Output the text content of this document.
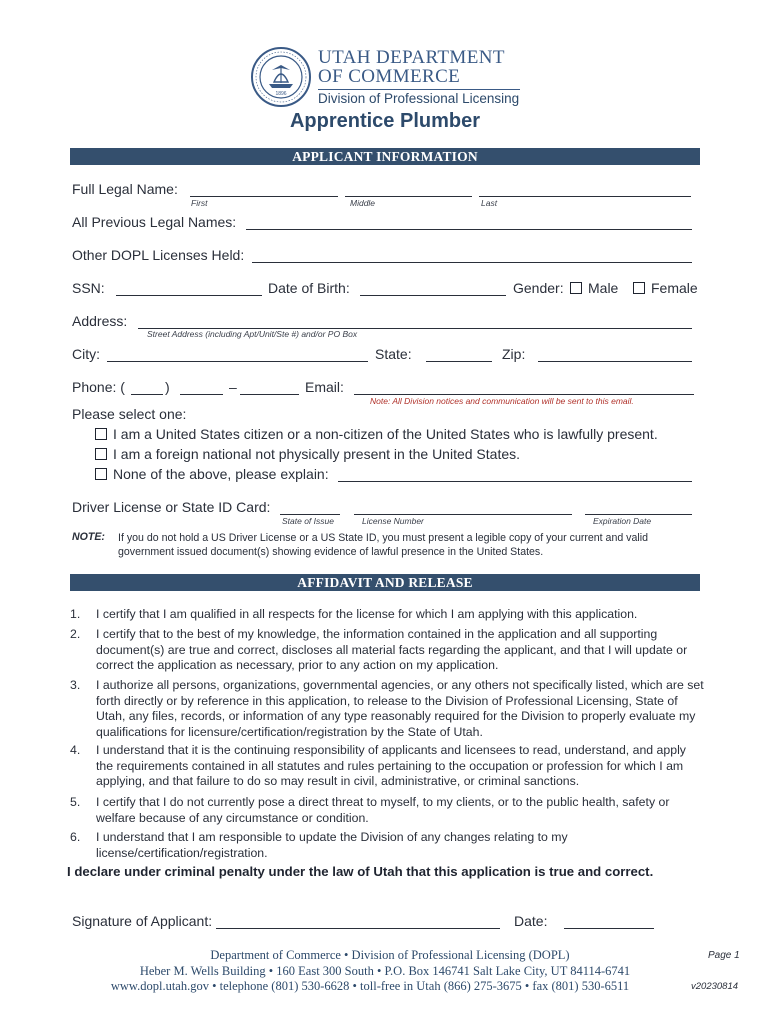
1896
UTAH DEPARTMENT
OF COMMERCE
Division of Professional Licensing
Apprentice Plumber
APPLICANT INFORMATION
Full Legal Name:
First	Middle	Last
All Previous Legal Names:
Other DOPL Licenses Held:
SSN:	Date of Birth:	Gender:	Male	Female
Address:
Street Address (including Apt/Unit/Ste #) and/or PO Box
City:	State:	Zip:
Phone: (	)	–	Email:
Note: All Division notices and communication will be sent to this email.
Please select one:
I am a United States citizen or a non-citizen of the United States who is lawfully present.
I am a foreign national not physically present in the United States.
None of the above, please explain:
Driver License or State ID Card:
State of Issue	License Number	Expiration Date
NOTE: If you do not hold a US Driver License or a US State ID, you must present a legible copy of your current and valid government issued document(s) showing evidence of lawful presence in the United States.
AFFIDAVIT AND RELEASE
1. I certify that I am qualified in all respects for the license for which I am applying with this application.
2. I certify that to the best of my knowledge, the information contained in the application and all supporting document(s) are true and correct, discloses all material facts regarding the applicant, and that I will update or correct the application as necessary, prior to any action on my application.
3. I authorize all persons, organizations, governmental agencies, or any others not specifically listed, which are set forth directly or by reference in this application, to release to the Division of Professional Licensing, State of Utah, any files, records, or information of any type reasonably required for the Division to properly evaluate my qualifications for licensure/certification/registration by the State of Utah.
4. I understand that it is the continuing responsibility of applicants and licensees to read, understand, and apply the requirements contained in all statutes and rules pertaining to the occupation or profession for which I am applying, and that failure to do so may result in civil, administrative, or criminal sanctions.
5. I certify that I do not currently pose a direct threat to myself, to my clients, or to the public health, safety or welfare because of any circumstance or condition.
6. I understand that I am responsible to update the Division of any changes relating to my license/certification/registration.
I declare under criminal penalty under the law of Utah that this application is true and correct.
Signature of Applicant:	Date:
Department of Commerce • Division of Professional Licensing (DOPL)
Heber M. Wells Building • 160 East 300 South • P.O. Box 146741 Salt Lake City, UT 84114-6741
www.dopl.utah.gov • telephone (801) 530-6628 • toll-free in Utah (866) 275-3675 • fax (801) 530-6511
Page 1
v20230814
